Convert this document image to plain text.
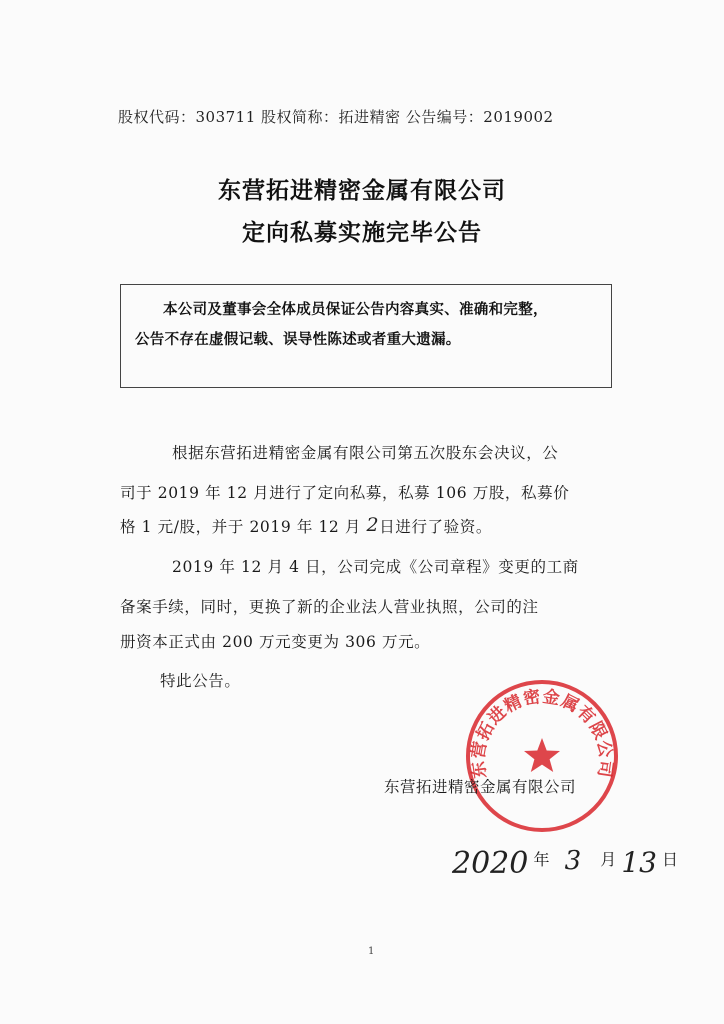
股权代码：303711 股权简称：拓进精密 公告编号：2019002
东营拓进精密金属有限公司
定向私募实施完毕公告

本公司及董事会全体成员保证公告内容真实、准确和完整，

公告不存在虚假记载、误导性陈述或者重大遗漏。

根据东营拓进精密金属有限公司第五次股东会决议，公
司于 2019 年 12 月进行了定向私募，私募 106 万股，私募价
格 1 元/股，并于 2019 年 12 月 2日进行了验资。
2019 年 12 月 4 日，公司完成《公司章程》变更的工商
备案手续，同时，更换了新的企业法人营业执照，公司的注
册资本正式由 200 万元变更为 306 万元。
特此公告。
东营拓进精密金属有限公司
东营拓进精密金属有限公司
2020 年 3 月 13 日
1
